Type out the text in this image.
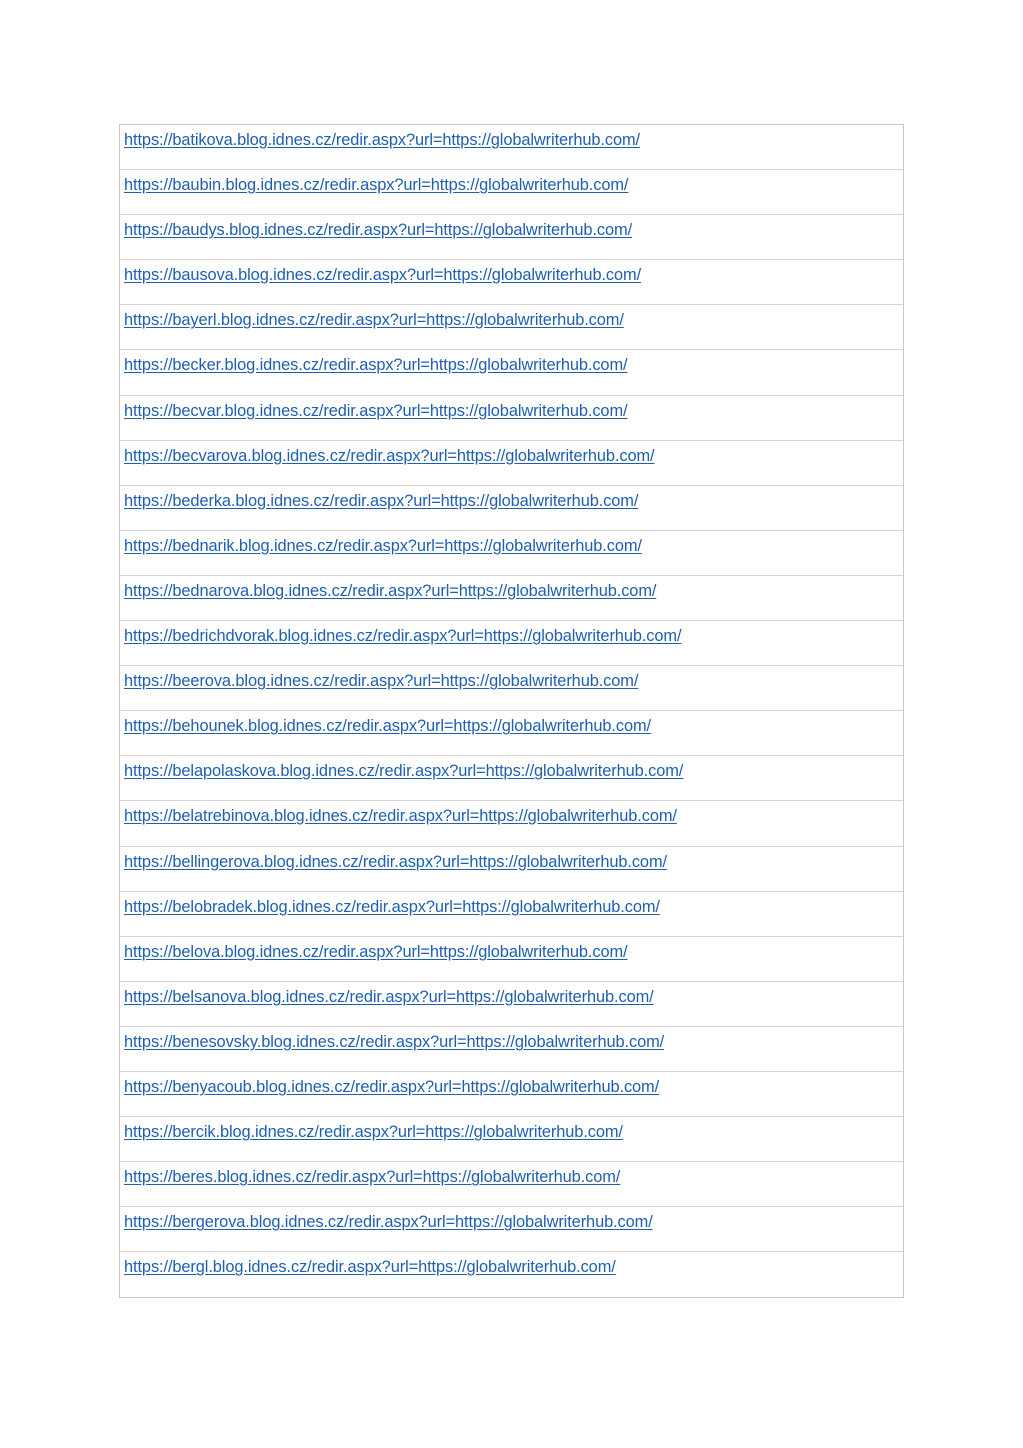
https://batikova.blog.idnes.cz/redir.aspx?url=https://globalwriterhub.com/
https://baubin.blog.idnes.cz/redir.aspx?url=https://globalwriterhub.com/
https://baudys.blog.idnes.cz/redir.aspx?url=https://globalwriterhub.com/
https://bausova.blog.idnes.cz/redir.aspx?url=https://globalwriterhub.com/
https://bayerl.blog.idnes.cz/redir.aspx?url=https://globalwriterhub.com/
https://becker.blog.idnes.cz/redir.aspx?url=https://globalwriterhub.com/
https://becvar.blog.idnes.cz/redir.aspx?url=https://globalwriterhub.com/
https://becvarova.blog.idnes.cz/redir.aspx?url=https://globalwriterhub.com/
https://bederka.blog.idnes.cz/redir.aspx?url=https://globalwriterhub.com/
https://bednarik.blog.idnes.cz/redir.aspx?url=https://globalwriterhub.com/
https://bednarova.blog.idnes.cz/redir.aspx?url=https://globalwriterhub.com/
https://bedrichdvorak.blog.idnes.cz/redir.aspx?url=https://globalwriterhub.com/
https://beerova.blog.idnes.cz/redir.aspx?url=https://globalwriterhub.com/
https://behounek.blog.idnes.cz/redir.aspx?url=https://globalwriterhub.com/
https://belapolaskova.blog.idnes.cz/redir.aspx?url=https://globalwriterhub.com/
https://belatrebinova.blog.idnes.cz/redir.aspx?url=https://globalwriterhub.com/
https://bellingerova.blog.idnes.cz/redir.aspx?url=https://globalwriterhub.com/
https://belobradek.blog.idnes.cz/redir.aspx?url=https://globalwriterhub.com/
https://belova.blog.idnes.cz/redir.aspx?url=https://globalwriterhub.com/
https://belsanova.blog.idnes.cz/redir.aspx?url=https://globalwriterhub.com/
https://benesovsky.blog.idnes.cz/redir.aspx?url=https://globalwriterhub.com/
https://benyacoub.blog.idnes.cz/redir.aspx?url=https://globalwriterhub.com/
https://bercik.blog.idnes.cz/redir.aspx?url=https://globalwriterhub.com/
https://beres.blog.idnes.cz/redir.aspx?url=https://globalwriterhub.com/
https://bergerova.blog.idnes.cz/redir.aspx?url=https://globalwriterhub.com/
https://bergl.blog.idnes.cz/redir.aspx?url=https://globalwriterhub.com/
